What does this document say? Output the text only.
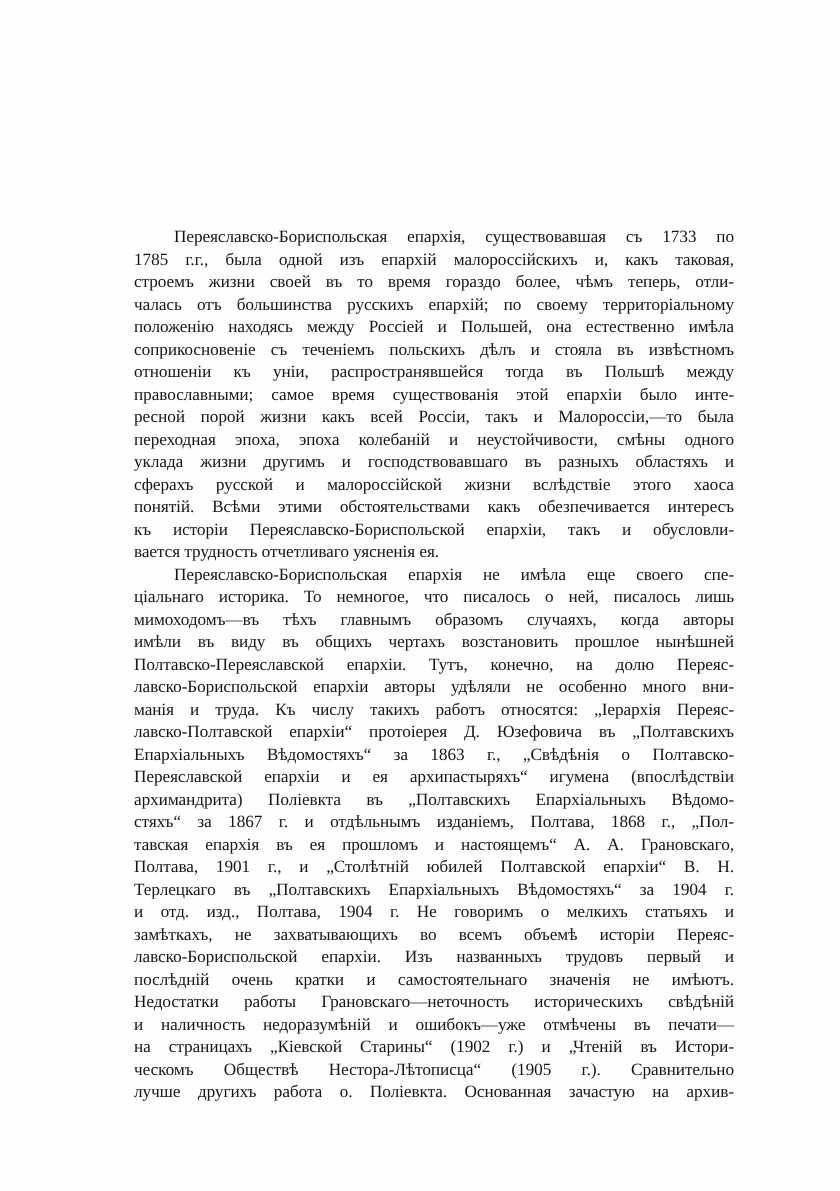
Переяславско-Бориспольская епархія, существовавшая съ 1733 по
1785 г.г., была одной изъ епархій малороссійскихъ и, какъ таковая,
строемъ жизни своей въ то время гораздо более, чѣмъ теперь, отли-
чалась отъ большинства русскихъ епархій; по своему территоріальному
положенію находясь между Россіей и Польшей, она естественно имѣла
соприкосновеніе съ теченіемъ польскихъ дѣлъ и стояла въ извѣстномъ
отношеніи къ уніи, распространявшейся тогда въ Польшѣ между
православными; самое время существованія этой епархіи было инте-
ресной порой жизни какъ всей Россіи, такъ и Малороссіи,—то была
переходная эпоха, эпоха колебаній и неустойчивости, смѣны одного
уклада жизни другимъ и господствовавшаго въ разныхъ областяхъ и
сферахъ русской и малороссійской жизни вслѣдствіе этого хаоса
понятій. Всѣми этими обстоятельствами какъ обезпечивается интересъ
къ исторіи Переяславско-Бориспольской епархіи, такъ и обусловли-
вается трудность отчетливаго уясненія ея.
Переяславско-Бориспольская епархія не имѣла еще своего спе-
ціальнаго историка. То немногое, что писалось о ней, писалось лишь
мимоходомъ—въ тѣхъ главнымъ образомъ случаяхъ, когда авторы
имѣли въ виду въ общихъ чертахъ возстановить прошлое нынѣшней
Полтавско-Переяславской епархіи. Тутъ, конечно, на долю Переяс-
лавско-Бориспольской епархіи авторы удѣляли не особенно много вни-
манія и труда. Къ числу такихъ работъ относятся: „Іерархія Переяс-
лавско-Полтавской епархіи“ протоіерея Д. Юзефовича въ „Полтавскихъ
Епархіальныхъ Вѣдомостяхъ“ за 1863 г., „Свѣдѣнія о Полтавско-
Переяславской епархіи и ея архипастыряхъ“ игумена (впослѣдствіи
архимандрита) Поліевкта въ „Полтавскихъ Епархіальныхъ Вѣдомо-
стяхъ“ за 1867 г. и отдѣльнымъ изданіемъ, Полтава, 1868 г., „Пол-
тавская епархія въ ея прошломъ и настоящемъ“ А. А. Грановскаго,
Полтава, 1901 г., и „Столѣтній юбилей Полтавской епархіи“ В. Н.
Терлецкаго въ „Полтавскихъ Епархіальныхъ Вѣдомостяхъ“ за 1904 г.
и отд. изд., Полтава, 1904 г. Не говоримъ о мелкихъ статьяхъ и
замѣткахъ, не захватывающихъ во всемъ объемѣ исторіи Переяс-
лавско-Бориспольской епархіи. Изъ названныхъ трудовъ первый и
послѣдній очень кратки и самостоятельнаго значенія не имѣютъ.
Недостатки работы Грановскаго—неточность историческихъ свѣдѣній
и наличность недоразумѣній и ошибокъ—уже отмѣчены въ печати—
на страницахъ „Кіевской Старины“ (1902 г.) и „Чтеній въ Истори-
ческомъ Обществѣ Нестора-Лѣтописца“ (1905 г.). Сравнительно
лучше другихъ работа о. Поліевкта. Основанная зачастую на архив-
